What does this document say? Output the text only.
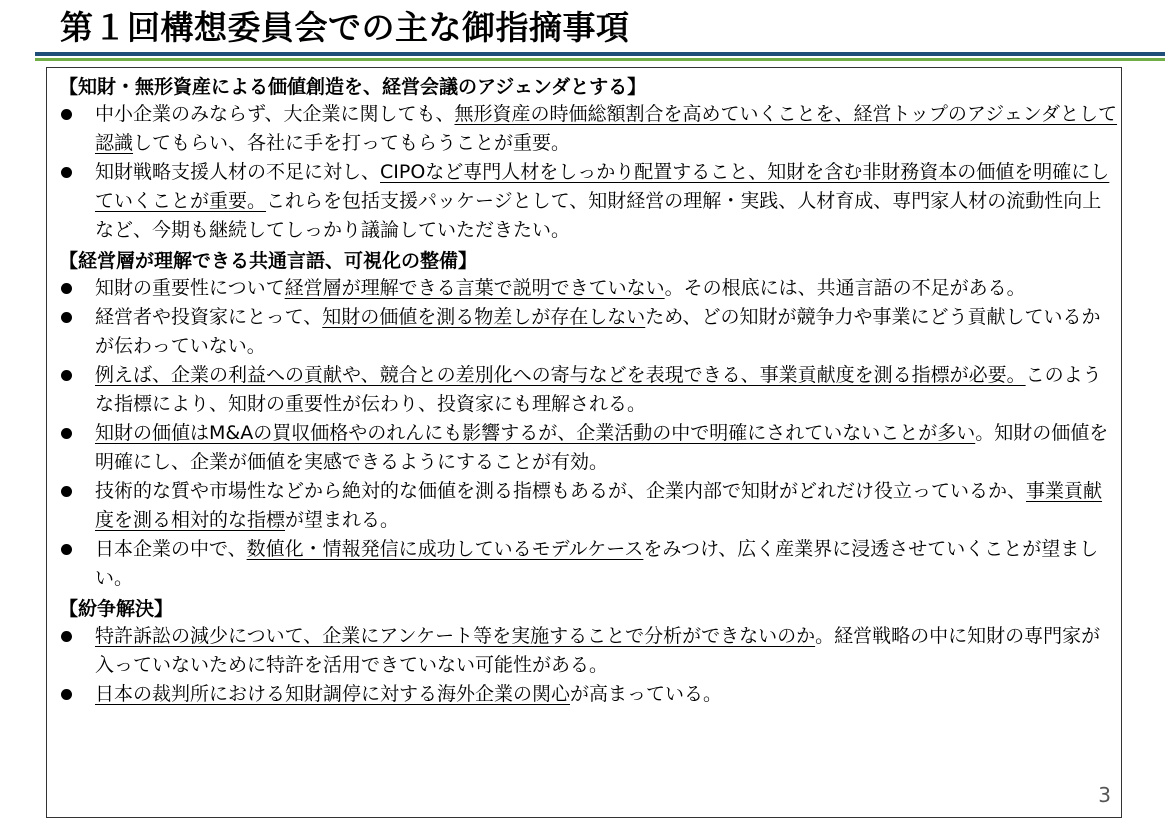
第１回構想委員会での主な御指摘事項
【知財・無形資産による価値創造を、経営会議のアジェンダとする】
中小企業のみならず、大企業に関しても、無形資産の時価総額割合を高めていくことを、経営トップのアジェンダとして認識してもらい、各社に手を打ってもらうことが重要。
知財戦略支援人材の不足に対し、CIPOなど専門人材をしっかり配置すること、知財を含む非財務資本の価値を明確にしていくことが重要。これらを包括支援パッケージとして、知財経営の理解・実践、人材育成、専門家人材の流動性向上など、今期も継続してしっかり議論していただきたい。
【経営層が理解できる共通言語、可視化の整備】
知財の重要性について経営層が理解できる言葉で説明できていない。その根底には、共通言語の不足がある。
経営者や投資家にとって、知財の価値を測る物差しが存在しないため、どの知財が競争力や事業にどう貢献しているかが伝わっていない。
例えば、企業の利益への貢献や、競合との差別化への寄与などを表現できる、事業貢献度を測る指標が必要。このような指標により、知財の重要性が伝わり、投資家にも理解される。
知財の価値はM&Aの買収価格やのれんにも影響するが、企業活動の中で明確にされていないことが多い。知財の価値を明確にし、企業が価値を実感できるようにすることが有効。
技術的な質や市場性などから絶対的な価値を測る指標もあるが、企業内部で知財がどれだけ役立っているか、事業貢献度を測る相対的な指標が望まれる。
日本企業の中で、数値化・情報発信に成功しているモデルケースをみつけ、広く産業界に浸透させていくことが望ましい。
【紛争解決】
特許訴訟の減少について、企業にアンケート等を実施することで分析ができないのか。経営戦略の中に知財の専門家が入っていないために特許を活用できていない可能性がある。
日本の裁判所における知財調停に対する海外企業の関心が高まっている。
3
